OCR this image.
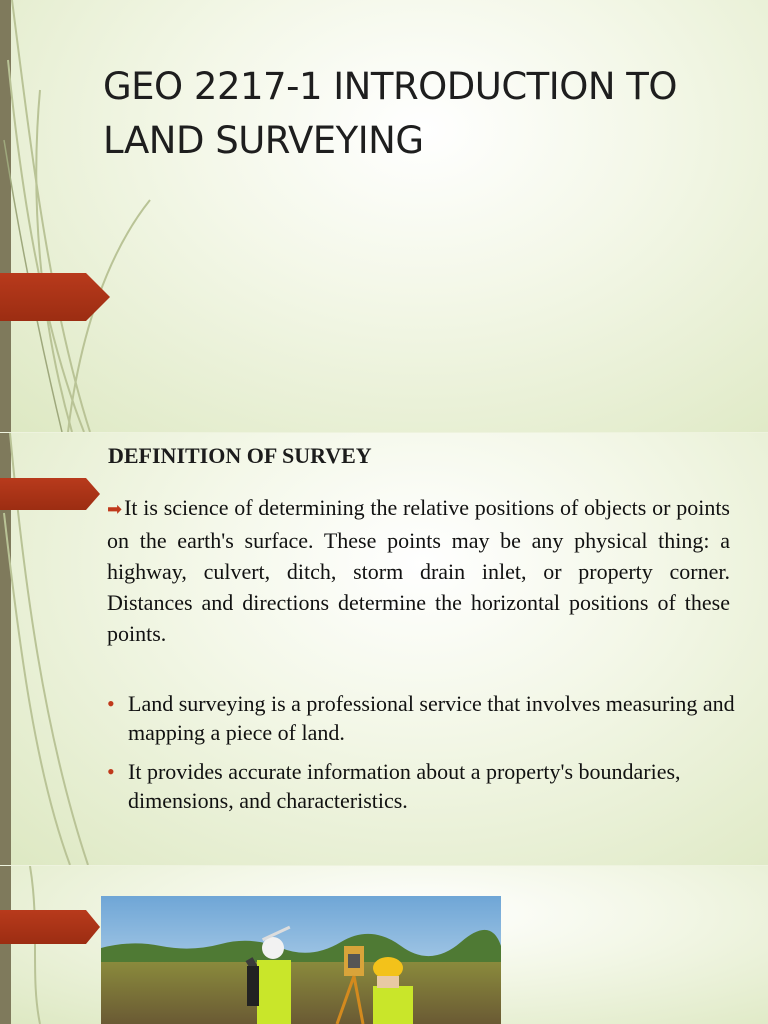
GEO 2217-1 INTRODUCTION TO LAND SURVEYING
DEFINITION OF SURVEY

➡It is science of determining the relative positions of objects or points on the earth's surface. These points may be any physical thing: a highway, culvert, ditch, storm drain inlet, or property corner. Distances and directions determine the horizontal positions of these points.

• Land surveying is a professional service that involves measuring and mapping a piece of land.
• It provides accurate information about a property's boundaries, dimensions, and characteristics.
